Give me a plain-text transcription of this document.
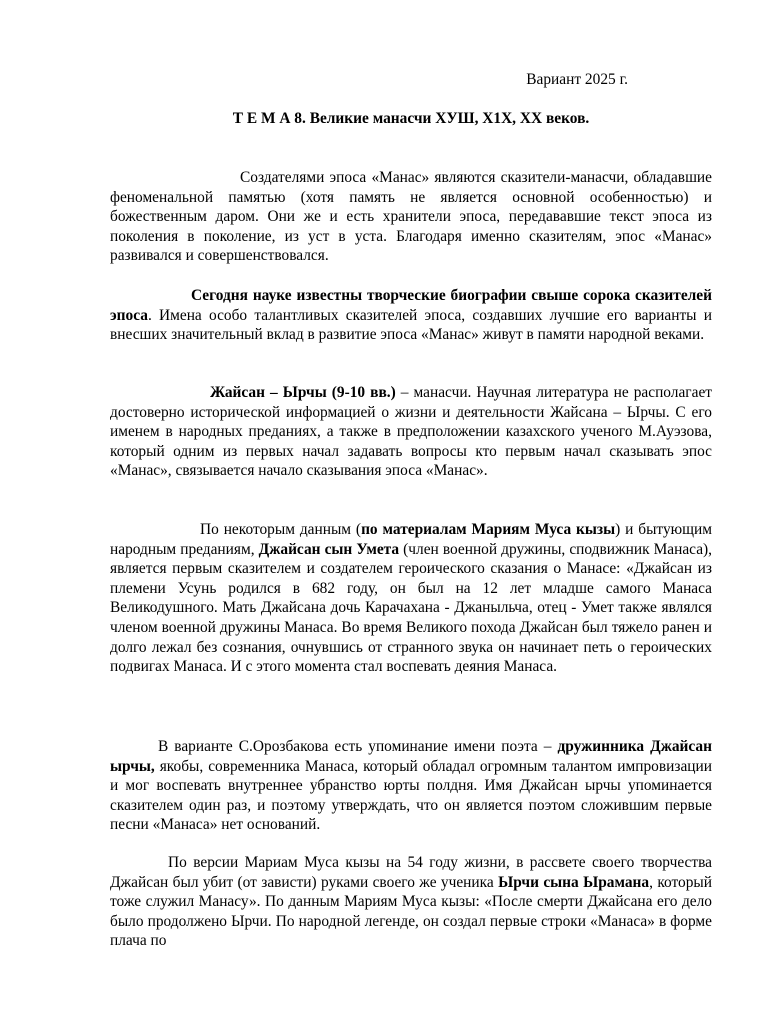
Вариант 2025 г.
Т Е М А 8. Великие манасчи ХУШ, Х1Х, ХХ веков.

Создателями эпоса «Манас» являются сказители-манасчи, обладавшие феноменальной памятью (хотя память не является основной особенностью) и божественным даром. Они же и есть хранители эпоса, передававшие текст эпоса из поколения в поколение, из уст в уста. Благодаря именно сказителям, эпос «Манас» развивался и совершенствовался.

Сегодня науке известны творческие биографии свыше сорока сказителей эпоса. Имена особо талантливых сказителей эпоса, создавших лучшие его варианты и внесших значительный вклад в развитие эпоса «Манас» живут в памяти народной веками.

Жайсан – Ырчы (9-10 вв.) – манасчи. Научная литература не располагает достоверно исторической информацией о жизни и деятельности Жайсана – Ырчы. С его именем в народных преданиях, а также в предположении казахского ученого М.Ауэзова, который одним из первых начал задавать вопросы кто первым начал сказывать эпос «Манас», связывается начало сказывания эпоса «Манас».

По некоторым данным (по материалам Мариям Муса кызы) и бытующим народным преданиям, Джайсан сын Умета (член военной дружины, сподвижник Манаса), является первым сказителем и создателем героического сказания о Манасе: «Джайсан из племени Усунь родился в 682 году, он был на 12 лет младше самого Манаса Великодушного. Мать Джайсана дочь Карачахана - Джаныльча, отец - Умет также являлся членом военной дружины Манаса. Во время Великого похода Джайсан был тяжело ранен и долго лежал без сознания, очнувшись от странного звука он начинает петь о героических подвигах Манаса. И с этого момента стал воспевать деяния Манаса.

В варианте С.Орозбакова есть упоминание имени поэта – дружинника Джайсан ырчы, якобы, современника Манаса, который обладал огромным талантом импровизации и мог воспевать внутреннее убранство юрты полдня. Имя Джайсан ырчы упоминается сказителем один раз, и поэтому утверждать, что он является поэтом сложившим первые песни «Манаса» нет оснований.

По версии Мариам Муса кызы на 54 году жизни, в рассвете своего творчества Джайсан был убит (от зависти) руками своего же ученика Ырчи сына Ырамана, который тоже служил Манасу». По данным Мариям Муса кызы: «После смерти Джайсана его дело было продолжено Ырчи. По народной легенде, он создал первые строки «Манаса» в форме плача по
